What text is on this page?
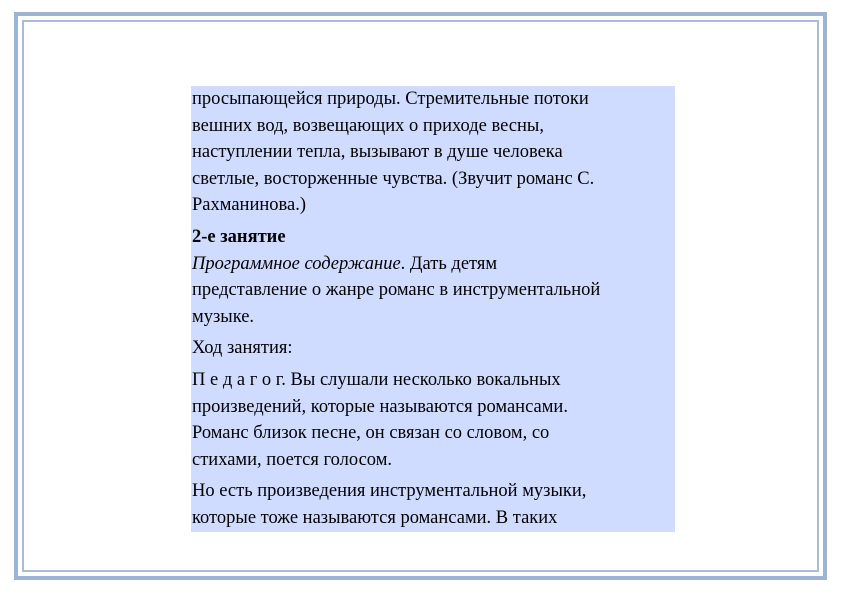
просыпающейся природы. Стремительные потоки
вешних вод, возвещающих о приходе весны,
наступлении тепла, вызывают в душе человека
светлые, восторженные чувства. (Звучит романс С.
Рахманинова.)
2-е занятие
Программное содержание. Дать детям
представление о жанре романс в инструментальной
музыке.
Ход занятия:
П е д а г о г. Вы слушали несколько вокальных
произведений, которые называются романсами.
Романс близок песне, он связан со словом, со
стихами, поется голосом.
Но есть произведения инструментальной музыки,
которые тоже называются романсами. В таких
